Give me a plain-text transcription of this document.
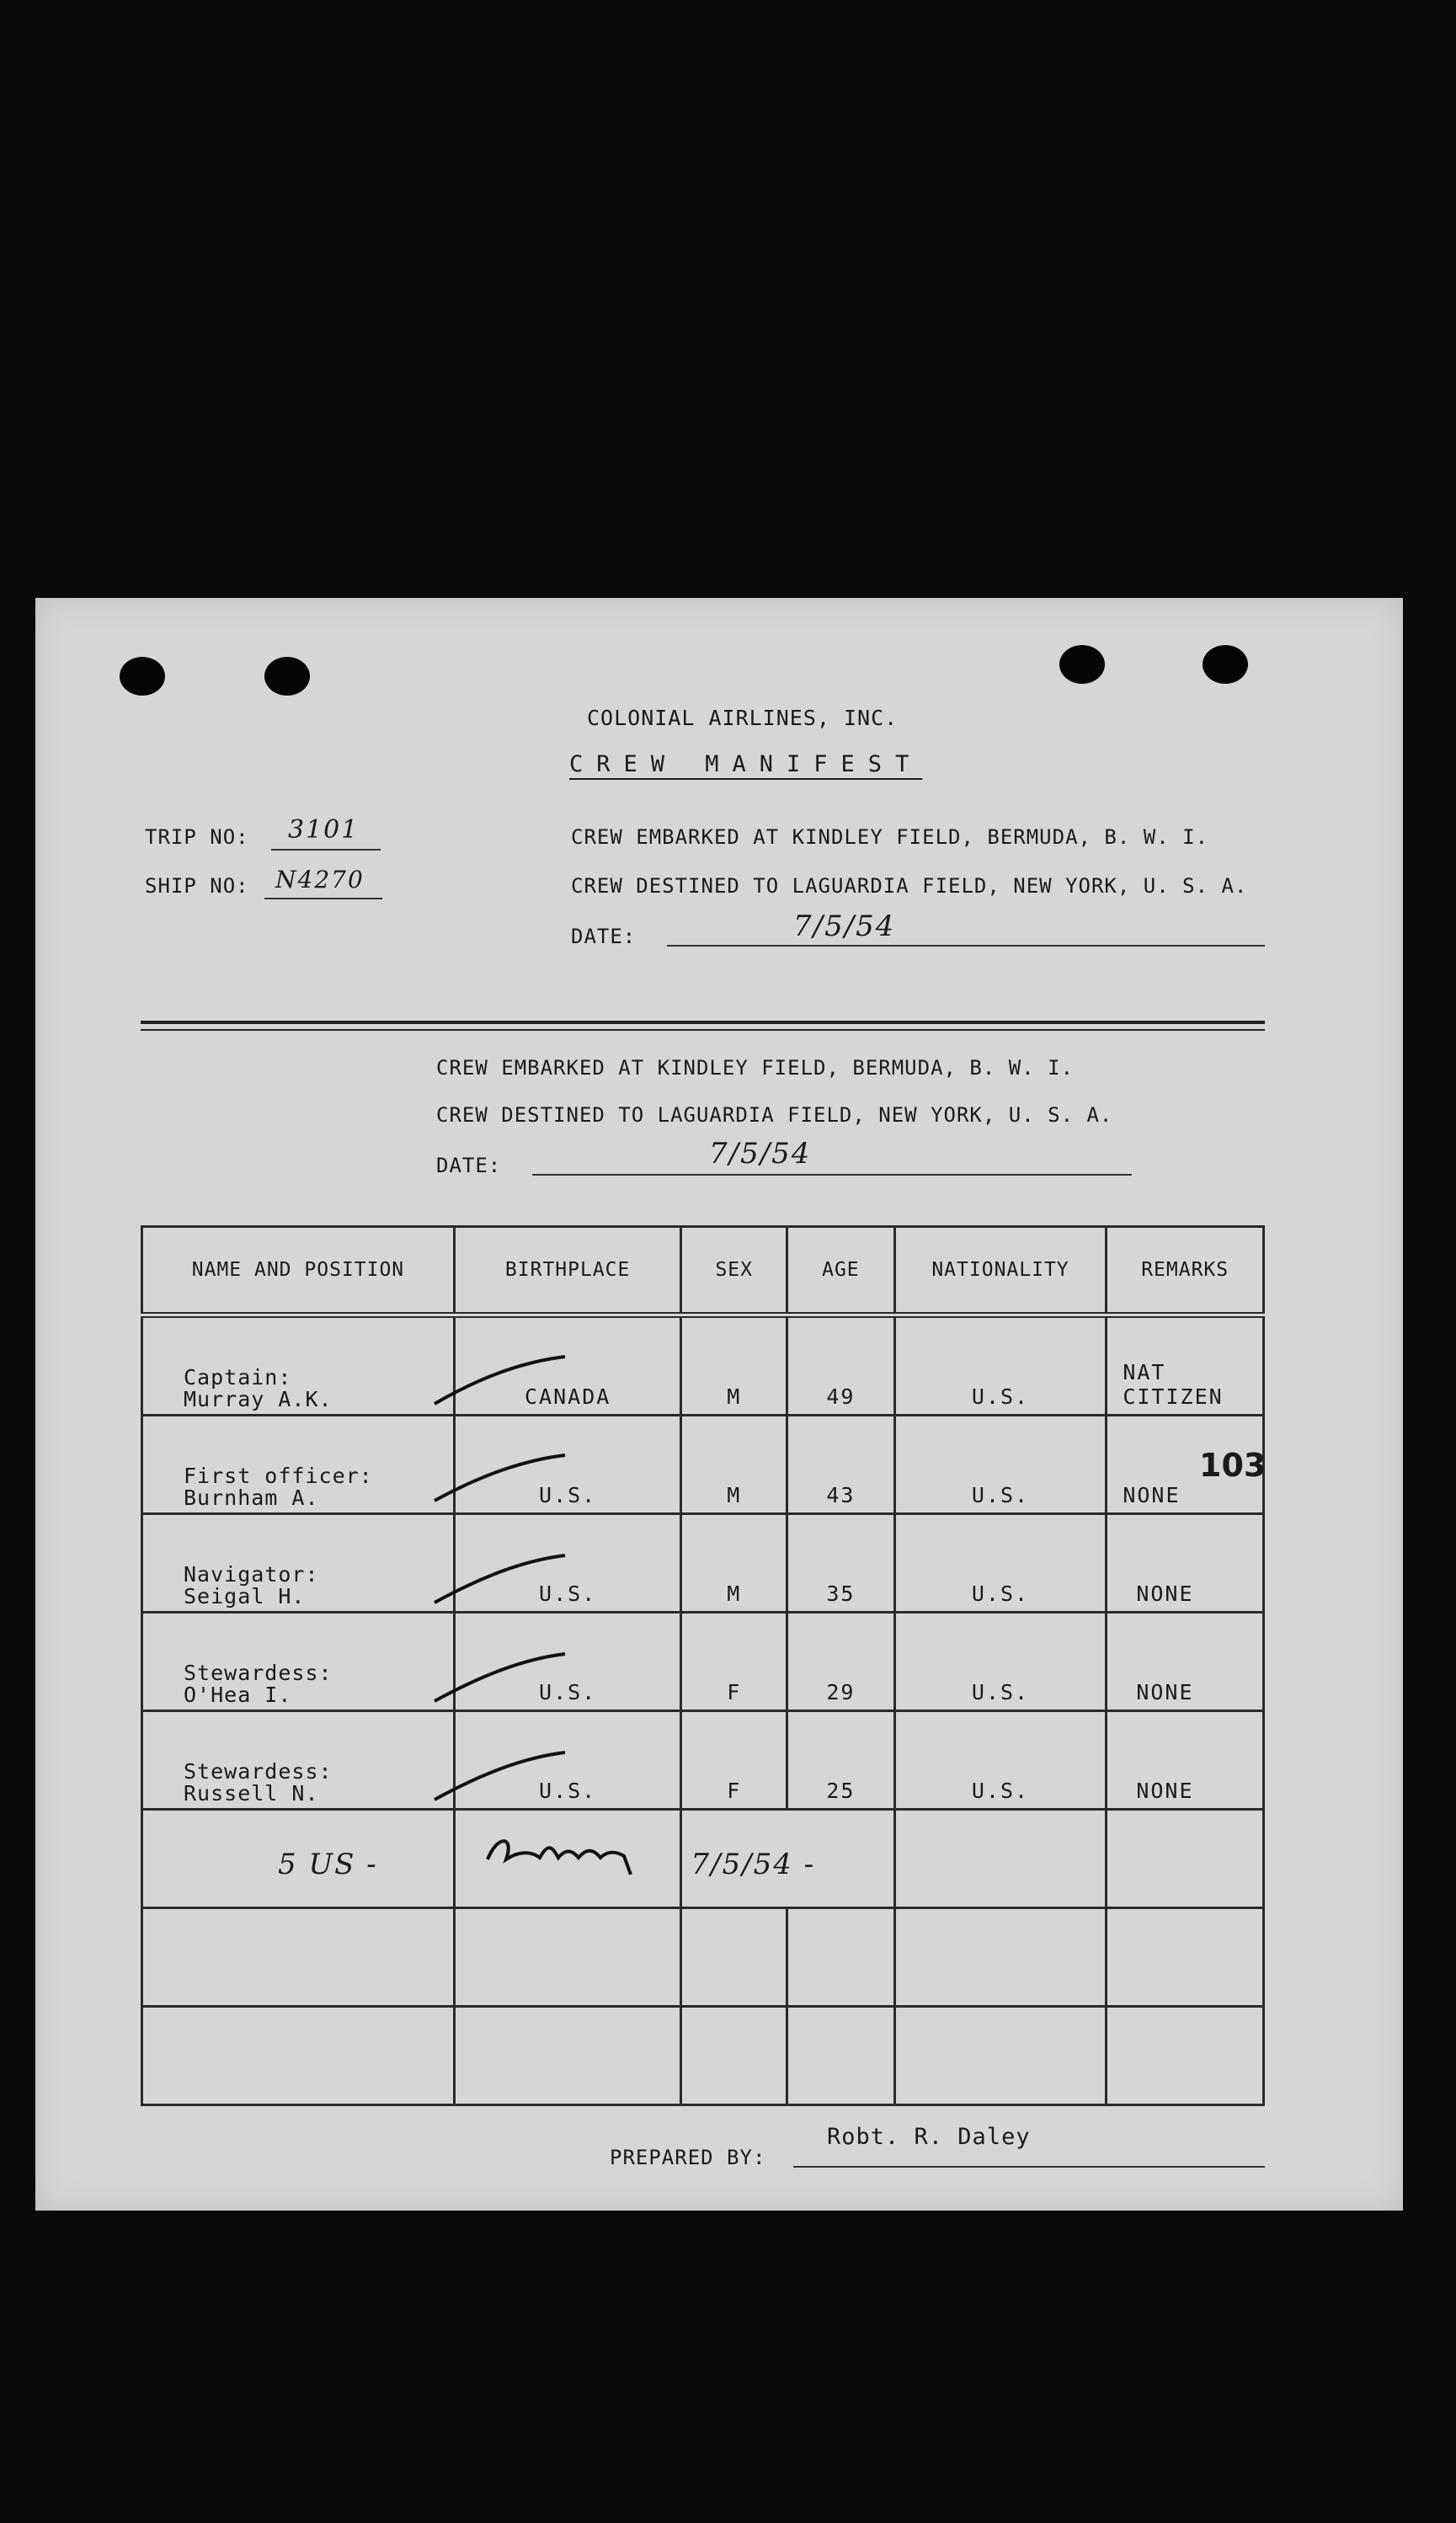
COLONIAL AIRLINES, INC.
CREW MANIFEST
TRIP NO: 3101
SHIP NO: N4270
CREW EMBARKED AT KINDLEY FIELD, BERMUDA, B. W. I.
CREW DESTINED TO LAGUARDIA FIELD, NEW YORK, U. S. A.
DATE:	7/5/54
CREW EMBARKED AT KINDLEY FIELD, BERMUDA, B. W. I.
CREW DESTINED TO LAGUARDIA FIELD, NEW YORK, U. S. A.
DATE:	7/5/54
NAME AND POSITION	BIRTHPLACE	SEX	AGE	NATIONALITY	REMARKS

Captain:
Murray A.K.	CANADA	M	49	U.S.	NAT CITIZEN

First officer:
Burnham A.	U.S.	M	43	U.S.	NONE

Navigator:
Seigal H.	U.S.	M	35	U.S.	NONE

Stewardess:
O'Hea I.	U.S.	F	29	U.S.	NONE

Stewardess:
Russell N.	U.S.	F	25	U.S.	NONE

5 US -		7/5/54 -			

103
PREPARED BY:
Robt. R. Daley
